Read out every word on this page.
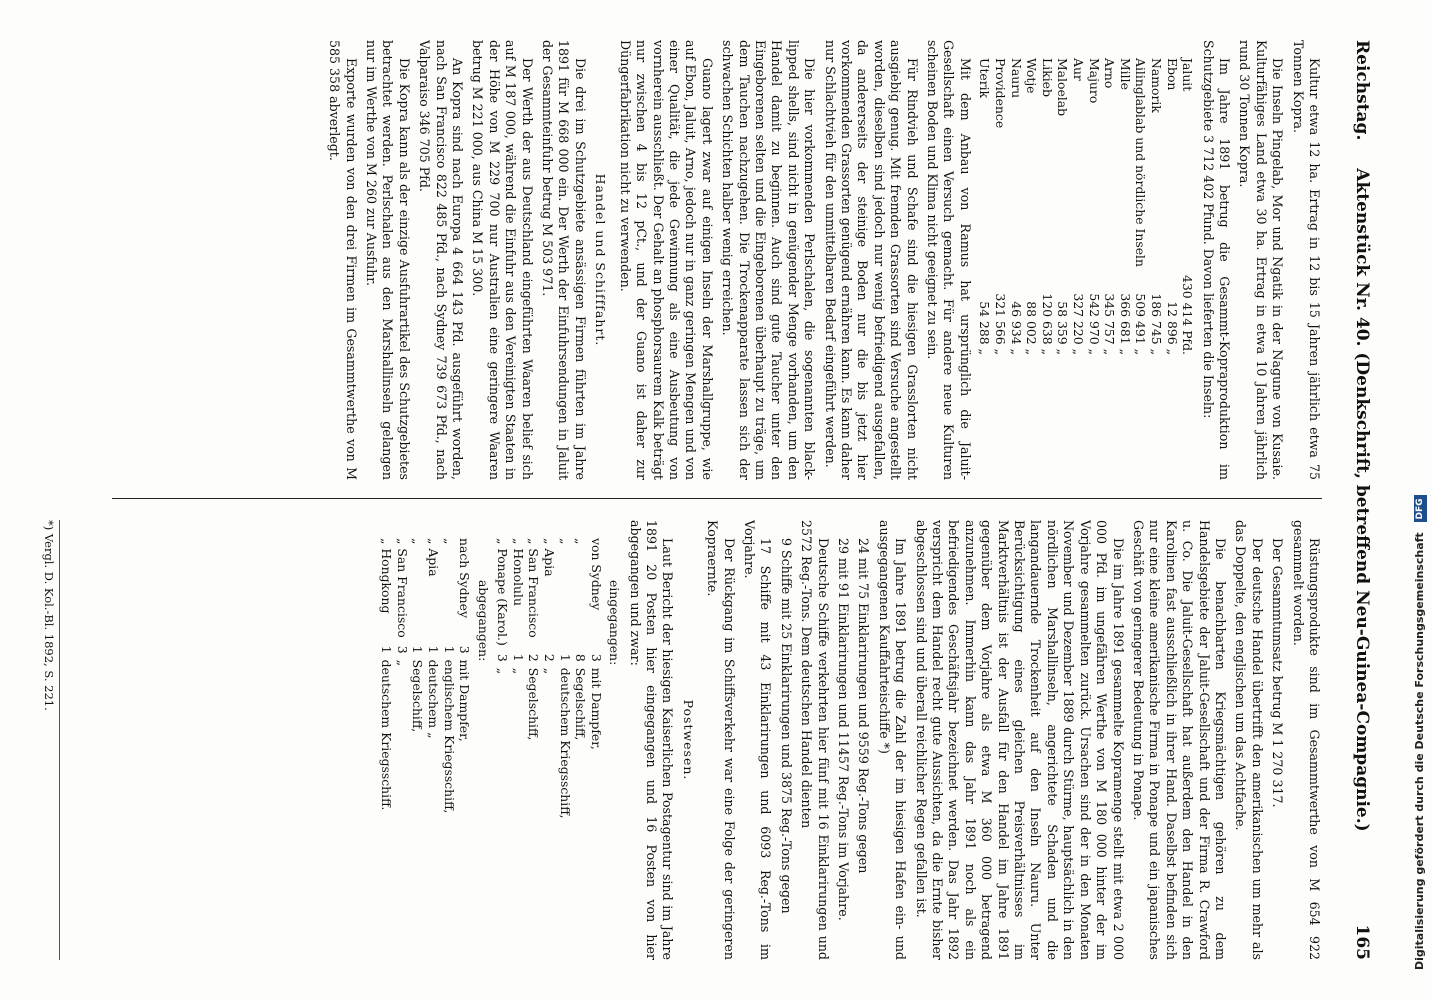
Reichstag.
Aktenstück Nr. 40. (Denkschrift, betreffend Neu-Guinea-Compagnie.)
165

Kultur etwa 12 ha. Ertrag in 12 bis 15 Jahren jährlich etwa 75 Tonnen Kopra.

Die Inseln Pingelab, Mor und Ngatik in der Nagune von Kusaie. Kulturfähiges Land etwa 30 ha. Ertrag in etwa 10 Jahren jährlich rund 30 Tonnen Kopra.

Im Jahre 1891 betrug die Gesammt-Kopraproduktion im Schutzgebiete 3 712 402 Pfund. Davon lieferten die Inseln:

Jaluit	430 414 Pfd.
Ebon	12 896 „
Namorik	186 745 „
Ailinglablab und nördliche Inseln	509 491 „
Mille	366 681 „
Arno	345 757 „
Majuro	542 970 „
Aur	327 220 „
Maloelab	58 359 „
Likieb	120 638 „
Wotje	88 002 „
Nauru	46 934 „
Providence	321 566 „
Uterik	54 288 „

Mit dem Anbau von Ramus hat ursprünglich die Jaluit-Gesellschaft einen Versuch gemacht. Für andere neue Kulturen scheinen Boden und Klima nicht geeignet zu sein.

Für Rindvieh und Schafe sind die hiesigen Grasslorten nicht ausgiebig genug. Mit fremden Grassorten sind Versuche angestellt worden, dieselben sind jedoch nur wenig befriedigend ausgefallen, da andererseits der steinige Boden nur die bis jetzt hier vorkommenden Grassorten genügend ernähren kann. Es kann daher nur Schlachtvieh für den unmittelbaren Bedarf eingeführt werden.

Die hier vorkommenden Perlschalen, die sogenannten black-lipped shells, sind nicht in genügender Menge vorhanden, um den Handel damit zu beginnen. Auch sind gute Taucher unter den Eingeborenen selten und die Eingeborenen überhaupt zu träge, um dem Tauchen nachzugehen. Die Trockenapparate lassen sich der schwachen Schichten halber wenig erreichen.

Guano lagert zwar auf einigen Inseln der Marshallgruppe, wie auf Ebon, Jaluit, Arno, jedoch nur in ganz geringen Mengen und von einer Qualität, die jede Gewinnung als eine Ausbeutung von vornherein ausschließt. Der Gehalt an phosphorsaurem Kalk beträgt nur zwischen 4 bis 12 pCt., und der Guano ist daher zur Düngerfabrikation nicht zu verwenden.

Handel und Schifffahrt.

Die drei im Schutzgebiete ansässigen Firmen führten im Jahre 1891 für M 668 000 ein. Der Werth der Einfuhrsendungen in Jaluit der Gesammteinfuhr betrug M 503 971.

Der Werth der aus Deutschland eingeführten Waaren belief sich auf M 187 000, während die Einfuhr aus den Vereinigten Staaten in der Höhe von M 229 700 nur Australien eine geringere Waaren betrug M 221 000, aus China M 15 300.

An Kopra sind nach Europa 4 664 143 Pfd. ausgeführt worden, nach San Francisco 822 485 Pfd., nach Sydney 739 673 Pfd., nach Valparaiso 346 705 Pfd.

Die Kopra kann als der einzige Ausfuhrartikel des Schutzgebietes betrachtet werden. Perlschalen aus den Marshallinseln gelangen nur im Werthe von M 260 zur Ausfuhr.

Exporte wurden von den drei Firmen im Gesammtwerthe von M 585 358 abverlegt.

Rüstungsprodukte sind im Gesammtwerthe von M 654 922 gesammelt worden.

Der Gesammtumsatz betrug M 1 270 317.

Der deutsche Handel übertrifft den amerikanischen um mehr als das Doppelte, den englischen um das Achtfache.

Die benachbarten Kriegsmächtigen gehören zu dem Handelsgebiete der Jaluit-Gesellschaft und der Firma R. Crawford u. Co. Die Jaluit-Gesellschaft hat außerdem den Handel in den Karolinen fast ausschließlich in ihrer Hand. Daselbst befinden sich nur eine kleine amerikanische Firma in Ponape und ein japanisches Geschäft von geringerer Bedeutung in Ponape.

Die im Jahre 1891 gesammelte Kopramenge stellt mit etwa 2 000 000 Pfd. im ungefähren Werthe von M 180 000 hinter der im Vorjahre gesammelten zurück. Ursachen sind der in den Monaten November und Dezember 1889 durch Stürme, hauptsächlich in den nördlichen Marshallinseln, angerichtete Schaden und die langandauernde Trockenheit auf den Inseln Nauru. Unter Berücksichtigung eines gleichen Preisverhältnisses im Marktverhältnis ist der Ausfall für den Handel im Jahre 1891 gegenüber dem Vorjahre als etwa M 360 000 betragend anzunehmen. Immerhin kann das Jahr 1891 noch als ein befriedigendes Geschäftsjahr bezeichnet werden. Das Jahr 1892 verspricht dem Handel recht gute Aussichten, da die Ernte bisher abgeschlossen sind und überall reichlicher Regen gefallen ist.

Im Jahre 1891 betrug die Zahl der im hiesigen Hafen ein- und ausgegangenen Kauffahrteischiffe *)

24 mit 75 Einklarirungen und 9559 Reg.-Tons gegen

29 mit 91 Einklarirungen und 11457 Reg.-Tons im Vorjahre.

Deutsche Schiffe verkehrten hier fünf mit 16 Einklarirungen und 2572 Reg.-Tons. Dem deutschen Handel dienten

9 Schiffe mit 25 Einklarirungen und 3875 Reg.-Tons gegen

17 Schiffe mit 43 Einklarirungen und 6093 Reg.-Tons im Vorjahre.

Der Rückgang im Schiffsverkehr war eine Folge der geringeren Kopraernte.

Postwesen.

Laut Bericht der hiesigen Kaiserlichen Postagentur sind im Jahre 1891 20 Posten hier eingegangen und 16 Posten von hier abgegangen und zwar:

eingegangen:
von Sydney	3	mit Dampfer,
„	8	Segelschiff,
„	1	deutschem Kriegsschiff,
„ Apia	2	„
„ San Francisco	2	Segelschiff,
„ Honolulu	1	„
„ Ponape (Karol.)	3	„
abgegangen:
nach Sydney	3	mit Dampfer,
„	1	englischem Kriegsschiff,
„ Apia	1	deutschem „
„	1	Segelschiff,
„ San Francisco	3	„
„ Hongkong	1	deutschem Kriegsschiff.
*) Vergl. D. Kol.-Bl. 1892, S. 221.	Digitalisierung gefördert durch die Deutsche Forschungsgemeinschaft DFG
